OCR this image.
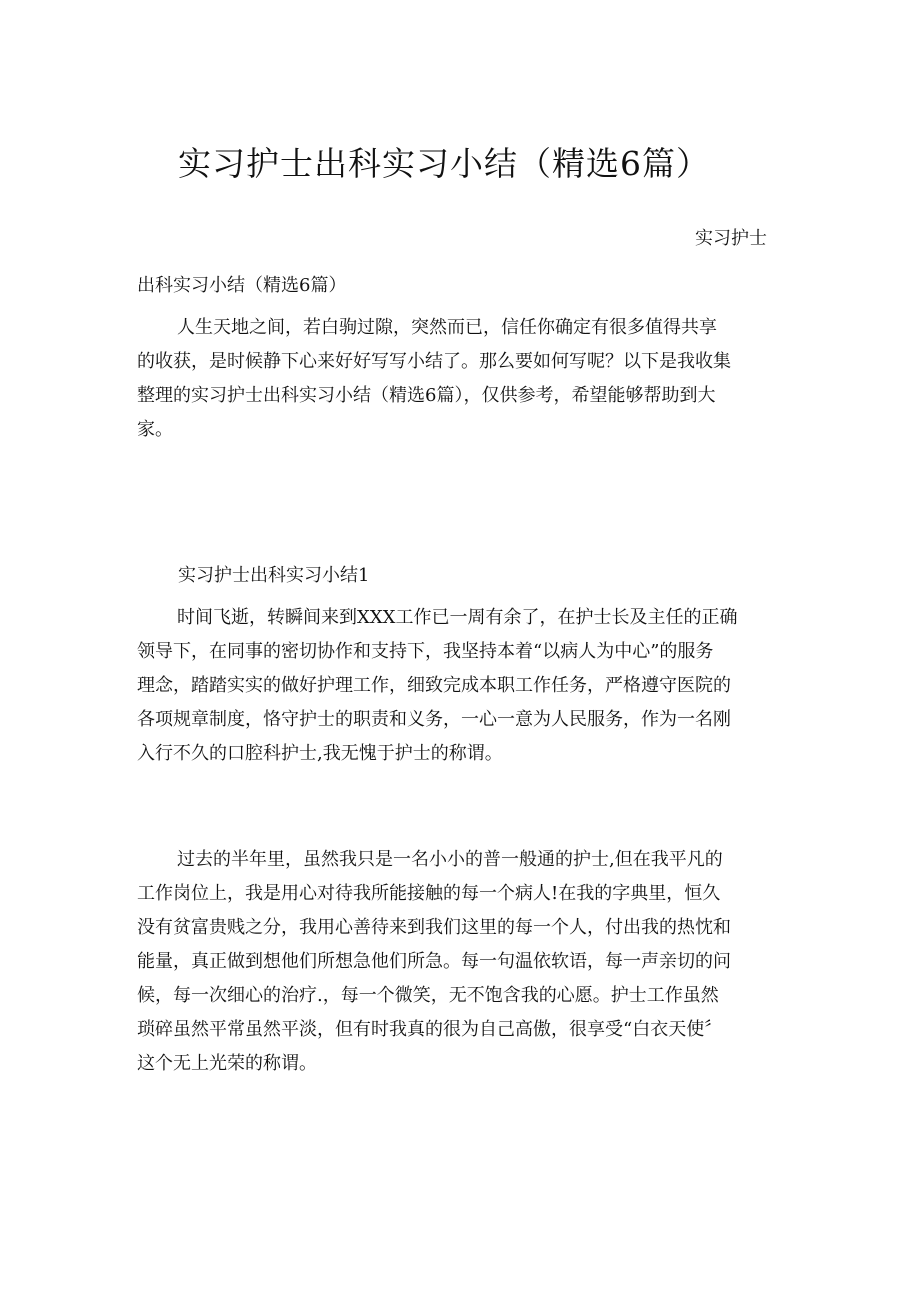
实习护士出科实习小结（精选6篇）
实习护士
出科实习小结（精选6篇）
人生天地之间，若白驹过隙，突然而已，信任你确定有很多值得共享
的收获，是时候静下心来好好写写小结了。那么要如何写呢？以下是我收集
整理的实习护士出科实习小结（精选6篇），仅供参考，希望能够帮助到大
家。
实习护士出科实习小结1
时间飞逝，转瞬间来到XXX工作已一周有余了，在护士长及主任的正确
领导下，在同事的密切协作和支持下，我坚持本着“以病人为中心”的服务
理念，踏踏实实的做好护理工作，细致完成本职工作任务，严格遵守医院的
各项规章制度，恪守护士的职责和义务，一心一意为人民服务，作为一名刚
入行不久的口腔科护士,我无愧于护士的称谓。
过去的半年里，虽然我只是一名小小的普一般通的护士,但在我平凡的
工作岗位上，我是用心对待我所能接触的每一个病人!在我的字典里，恒久
没有贫富贵贱之分，我用心善待来到我们这里的每一个人，付出我的热忱和
能量，真正做到想他们所想急他们所急。每一句温依软语，每一声亲切的问
候，每一次细心的治疗.，每一个微笑，无不饱含我的心愿。护士工作虽然
琐碎虽然平常虽然平淡，但有时我真的很为自己高傲，很享受“白衣天使〞
这个无上光荣的称谓。
